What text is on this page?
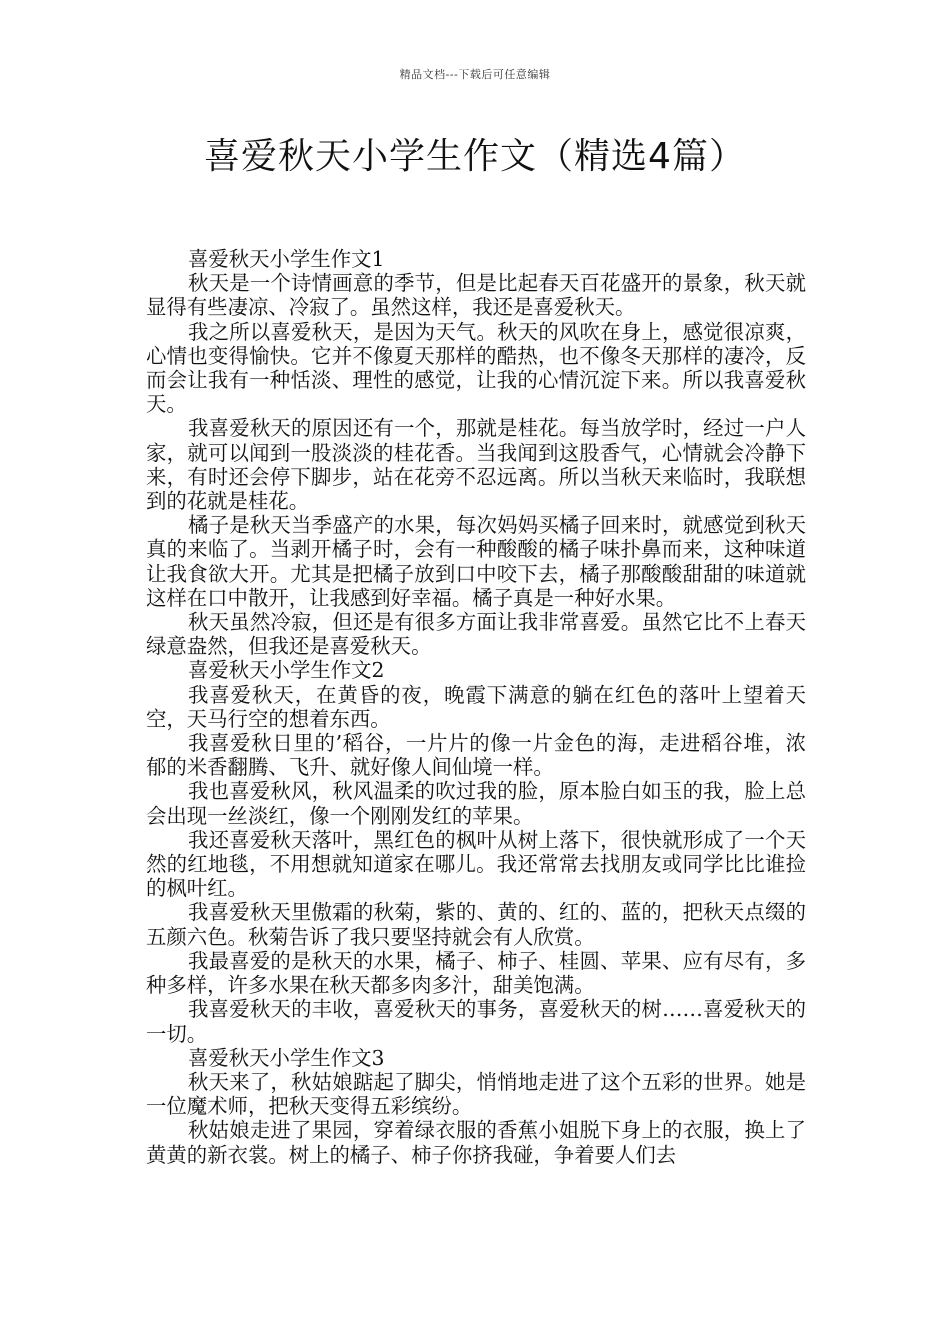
精品文档---下载后可任意编辑
喜爱秋天小学生作文（精选4篇）

喜爱秋天小学生作文1

秋天是一个诗情画意的季节，但是比起春天百花盛开的景象，秋天就显得有些凄凉、冷寂了。虽然这样，我还是喜爱秋天。

我之所以喜爱秋天，是因为天气。秋天的风吹在身上，感觉很凉爽，心情也变得愉快。它并不像夏天那样的酷热，也不像冬天那样的凄冷，反而会让我有一种恬淡、理性的感觉，让我的心情沉淀下来。所以我喜爱秋天。

我喜爱秋天的原因还有一个，那就是桂花。每当放学时，经过一户人家，就可以闻到一股淡淡的桂花香。当我闻到这股香气，心情就会冷静下来，有时还会停下脚步，站在花旁不忍远离。所以当秋天来临时，我联想到的花就是桂花。

橘子是秋天当季盛产的水果，每次妈妈买橘子回来时，就感觉到秋天真的来临了。当剥开橘子时，会有一种酸酸的橘子味扑鼻而来，这种味道让我食欲大开。尤其是把橘子放到口中咬下去，橘子那酸酸甜甜的味道就这样在口中散开，让我感到好幸福。橘子真是一种好水果。

秋天虽然冷寂，但还是有很多方面让我非常喜爱。虽然它比不上春天绿意盎然，但我还是喜爱秋天。

喜爱秋天小学生作文2

我喜爱秋天，在黄昏的夜，晚霞下满意的躺在红色的落叶上望着天空，天马行空的想着东西。

我喜爱秋日里的’稻谷，一片片的像一片金色的海，走进稻谷堆，浓郁的米香翻腾、飞升、就好像人间仙境一样。

我也喜爱秋风，秋风温柔的吹过我的脸，原本脸白如玉的我，脸上总会出现一丝淡红，像一个刚刚发红的苹果。

我还喜爱秋天落叶，黑红色的枫叶从树上落下，很快就形成了一个天然的红地毯，不用想就知道家在哪儿。我还常常去找朋友或同学比比谁捡的枫叶红。

我喜爱秋天里傲霜的秋菊，紫的、黄的、红的、蓝的，把秋天点缀的五颜六色。秋菊告诉了我只要坚持就会有人欣赏。

我最喜爱的是秋天的水果，橘子、柿子、桂圆、苹果、应有尽有，多种多样，许多水果在秋天都多肉多汁，甜美饱满。

我喜爱秋天的丰收，喜爱秋天的事务，喜爱秋天的树……喜爱秋天的一切。

喜爱秋天小学生作文3

秋天来了，秋姑娘踮起了脚尖，悄悄地走进了这个五彩的世界。她是一位魔术师，把秋天变得五彩缤纷。

秋姑娘走进了果园，穿着绿衣服的香蕉小姐脱下身上的衣服，换上了黄黄的新衣裳。树上的橘子、柿子你挤我碰，争着要人们去
